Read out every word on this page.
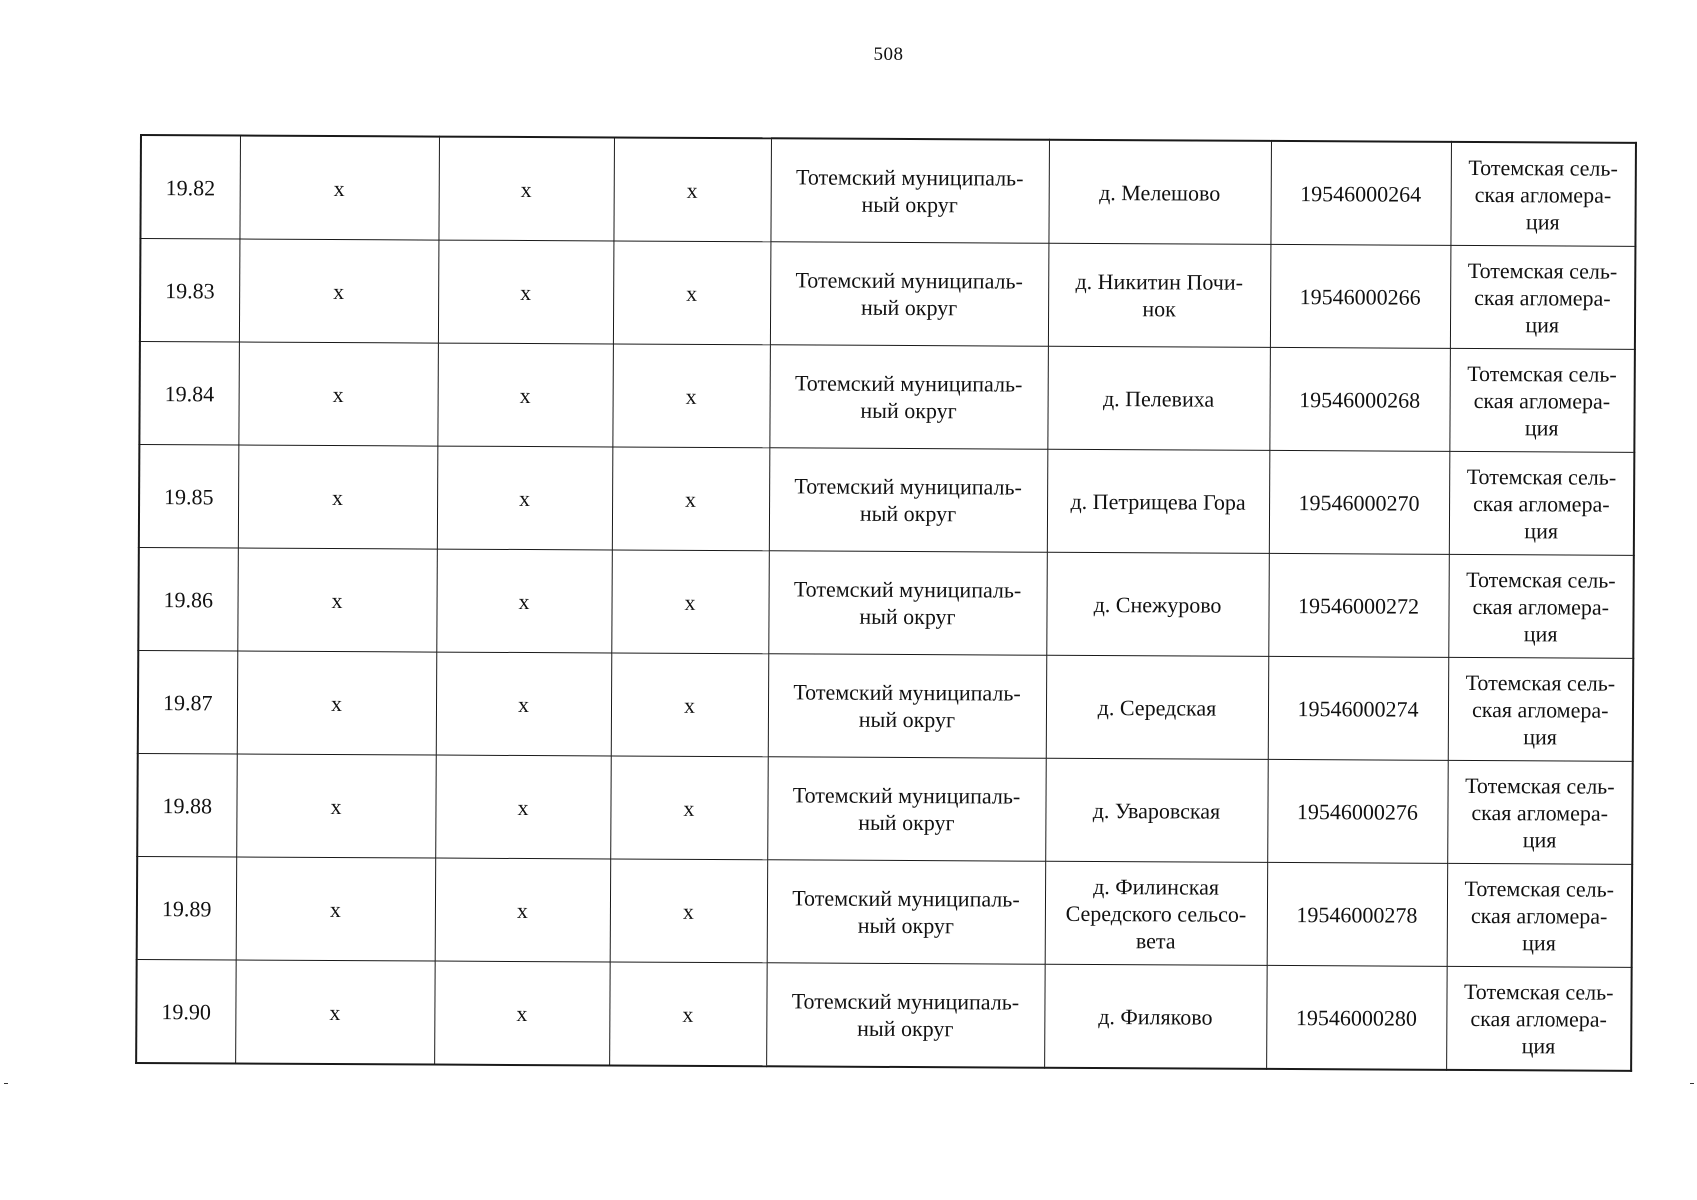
508
19.82	x	x	x	Тотемский муниципаль-
ный округ	д. Мелешово	19546000264	Тотемская сель-
ская агломера-
ция

19.83	x	x	x	Тотемский муниципаль-
ный округ	д. Никитин Почи-
нок	19546000266	Тотемская сель-
ская агломера-
ция

19.84	x	x	x	Тотемский муниципаль-
ный округ	д. Пелевиха	19546000268	Тотемская сель-
ская агломера-
ция

19.85	x	x	x	Тотемский муниципаль-
ный округ	д. Петрищева Гора	19546000270	Тотемская сель-
ская агломера-
ция

19.86	x	x	x	Тотемский муниципаль-
ный округ	д. Снежурово	19546000272	Тотемская сель-
ская агломера-
ция

19.87	x	x	x	Тотемский муниципаль-
ный округ	д. Середская	19546000274	Тотемская сель-
ская агломера-
ция

19.88	x	x	x	Тотемский муниципаль-
ный округ	д. Уваровская	19546000276	Тотемская сель-
ская агломера-
ция

19.89	x	x	x	Тотемский муниципаль-
ный округ	д. Филинская
Середского сельсо-
вета	19546000278	Тотемская сель-
ская агломера-
ция

19.90	x	x	x	Тотемский муниципаль-
ный округ	д. Филяково	19546000280	Тотемская сель-
ская агломера-
ция
